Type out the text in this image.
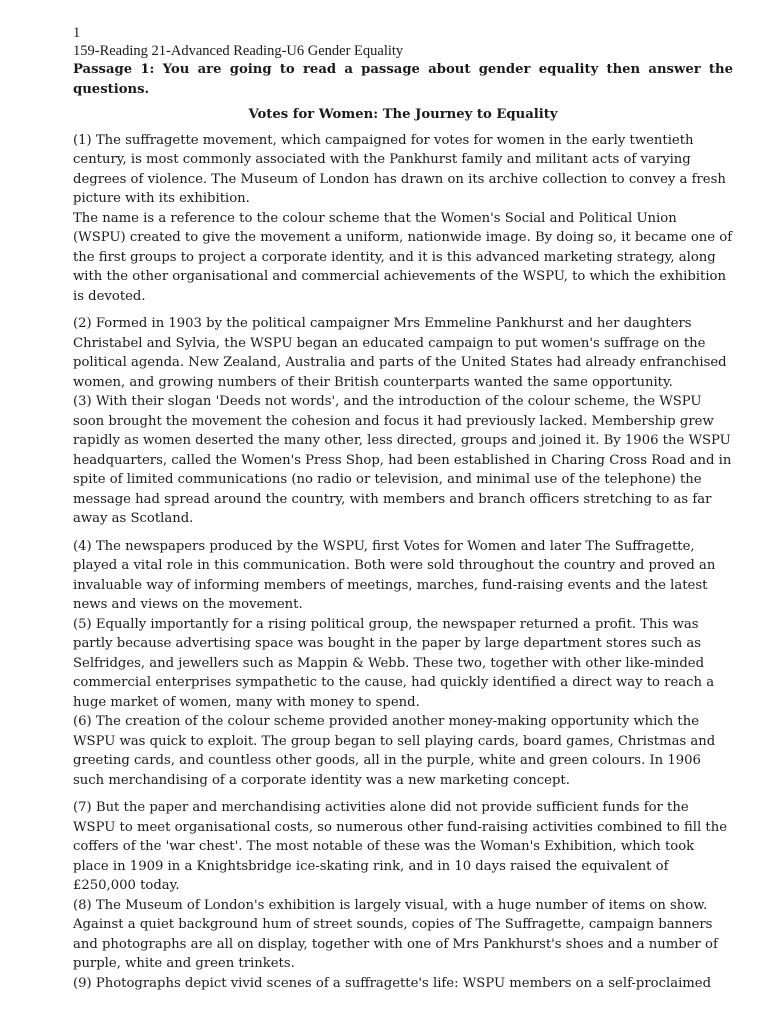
1

159-Reading 21-Advanced Reading-U6 Gender Equality

Passage 1: You are going to read a passage about gender equality then answer the questions.

Votes for Women: The Journey to Equality

(1) The suffragette movement, which campaigned for votes for women in the early twentieth century, is most commonly associated with the Pankhurst family and militant acts of varying degrees of violence. The Museum of London has drawn on its archive collection to convey a fresh picture with its exhibition.

The name is a reference to the colour scheme that the Women's Social and Political Union (WSPU) created to give the movement a uniform, nationwide image. By doing so, it became one of the first groups to project a corporate identity, and it is this advanced marketing strategy, along with the other organisational and commercial achievements of the WSPU, to which the exhibition is devoted.

(2) Formed in 1903 by the political campaigner Mrs Emmeline Pankhurst and her daughters Christabel and Sylvia, the WSPU began an educated campaign to put women's suffrage on the political agenda. New Zealand, Australia and parts of the United States had already enfranchised women, and growing numbers of their British counterparts wanted the same opportunity.

(3) With their slogan 'Deeds not words', and the introduction of the colour scheme, the WSPU soon brought the movement the cohesion and focus it had previously lacked. Membership grew rapidly as women deserted the many other, less directed, groups and joined it. By 1906 the WSPU headquarters, called the Women's Press Shop, had been established in Charing Cross Road and in spite of limited communications (no radio or television, and minimal use of the telephone) the message had spread around the country, with members and branch officers stretching to as far away as Scotland.

(4) The newspapers produced by the WSPU, first Votes for Women and later The Suffragette, played a vital role in this communication. Both were sold throughout the country and proved an invaluable way of informing members of meetings, marches, fund-raising events and the latest news and views on the movement.

(5) Equally importantly for a rising political group, the newspaper returned a profit. This was partly because advertising space was bought in the paper by large department stores such as Selfridges, and jewellers such as Mappin & Webb. These two, together with other like-minded commercial enterprises sympathetic to the cause, had quickly identified a direct way to reach a huge market of women, many with money to spend.

(6) The creation of the colour scheme provided another money-making opportunity which the WSPU was quick to exploit. The group began to sell playing cards, board games, Christmas and greeting cards, and countless other goods, all in the purple, white and green colours. In 1906 such merchandising of a corporate identity was a new marketing concept.

(7) But the paper and merchandising activities alone did not provide sufficient funds for the WSPU to meet organisational costs, so numerous other fund-raising activities combined to fill the coffers of the 'war chest'. The most notable of these was the Woman's Exhibition, which took place in 1909 in a Knightsbridge ice-skating rink, and in 10 days raised the equivalent of £250,000 today.

(8) The Museum of London's exhibition is largely visual, with a huge number of items on show. Against a quiet background hum of street sounds, copies of The Suffragette, campaign banners and photographs are all on display, together with one of Mrs Pankhurst's shoes and a number of purple, white and green trinkets.

(9) Photographs depict vivid scenes of a suffragette's life: WSPU members on a self-proclaimed
